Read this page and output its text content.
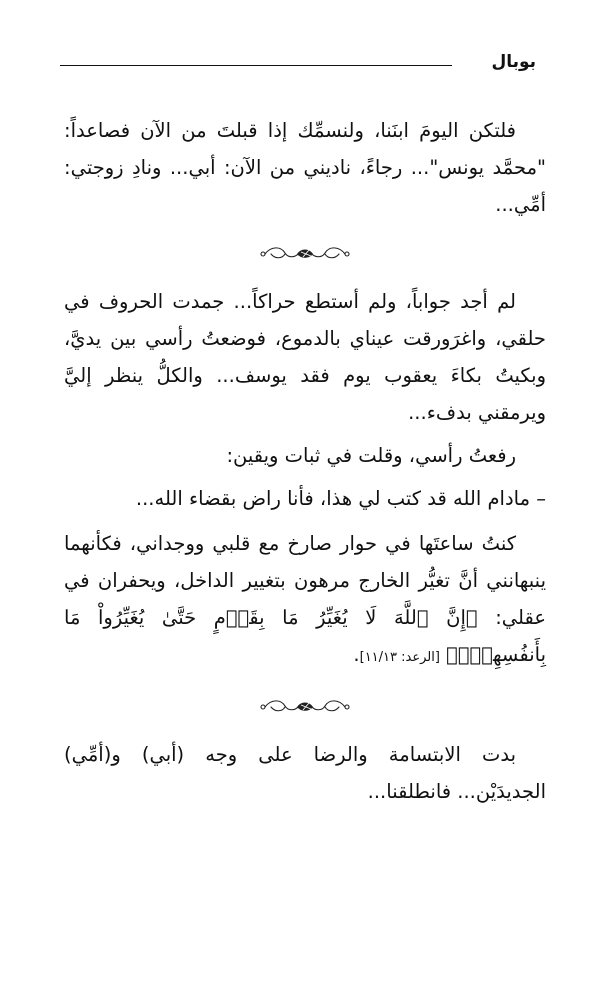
بوبال

فلتكن اليومَ ابنَنا، ولنسمِّك إذا قبلتَ من الآن فصاعداً: "محمَّد يونس"... رجاءً، ناديني من الآن: أبي... ونادِ زوجتي: أمِّي...

لم أجد جواباً، ولم أستطع حراكاً... جمدت الحروف في حلقي، واغرَورقت عيناي بالدموع، فوضعتُ رأسي بين يديَّ، وبكيتُ بكاءَ يعقوب يوم فقد يوسف... والكلُّ ينظر إليَّ ويرمقني بدفء...

رفعتُ رأسي، وقلت في ثبات ويقين:

– مادام الله قد كتب لي هذا، فأنا راض بقضاء الله...

كنتُ ساعتَها في حوار صارخ مع قلبي ووجداني، فكأنهما ينبهانني أنَّ تغيُّر الخارج مرهون بتغيير الداخل، ويحفران في عقلي: ﴿إِنَّ ٱللَّهَ لَا يُغَيِّرُ مَا بِقَوۡمٍ حَتَّىٰ يُغَيِّرُواْ مَا بِأَنفُسِهِمۡۗ﴾ [الرعد: ١١/١٣].

بدت الابتسامة والرضا على وجه (أبي) و(أمِّي) الجديدَيْن... فانطلقنا...
